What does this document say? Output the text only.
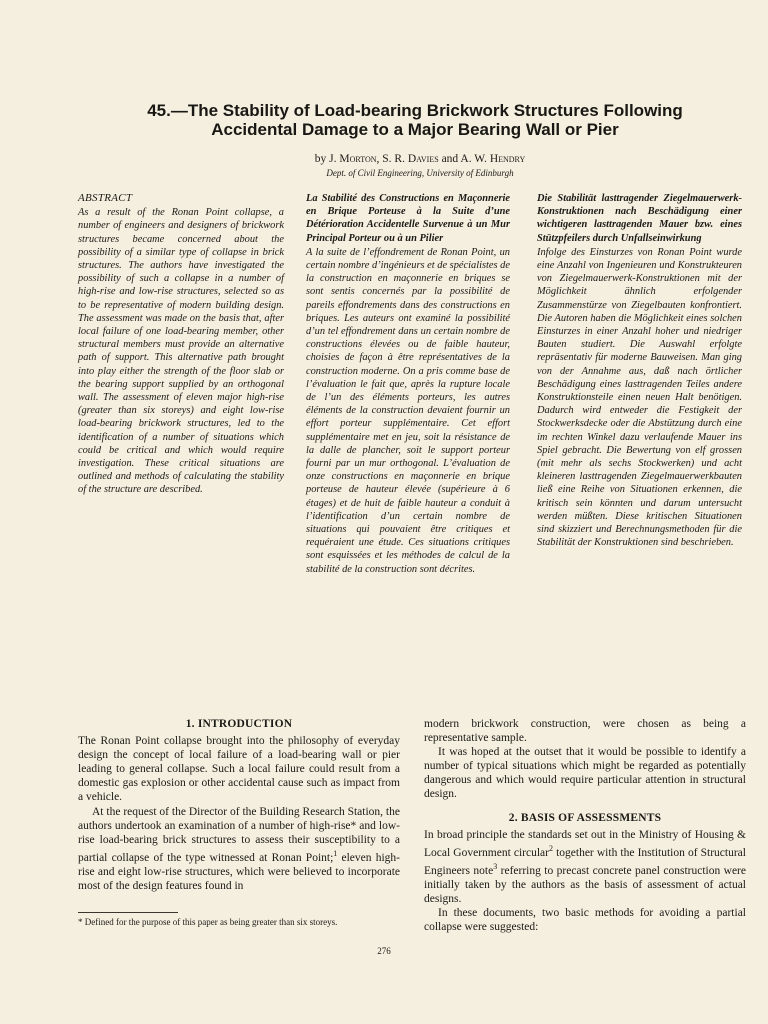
45.—The Stability of Load-bearing Brickwork Structures Following
Accidental Damage to a Major Bearing Wall or Pier
by J. Morton, S. R. Davies and A. W. Hendry
Dept. of Civil Engineering, University of Edinburgh

ABSTRACT

As a result of the Ronan Point collapse, a number of engineers and designers of brickwork structures became concerned about the possibility of a similar type of collapse in brick structures. The authors have investigated the possibility of such a collapse in a number of high-rise and low-rise structures, selected so as to be representative of modern building design. The assessment was made on the basis that, after local failure of one load-bearing member, other structural members must provide an alternative path of support. This alternative path brought into play either the strength of the floor slab or the bearing support supplied by an orthogonal wall. The assessment of eleven major high-rise (greater than six storeys) and eight low-rise load-bearing brickwork structures, led to the identification of a number of situations which could be critical and which would require investigation. These critical situations are outlined and methods of calculating the stability of the structure are described.

La Stabilité des Constructions en Maçonnerie en Brique Porteuse à la Suite d’une Détérioration Accidentelle Survenue à un Mur Principal Porteur ou à un Pilier

A la suite de l’effondrement de Ronan Point, un certain nombre d’ingénieurs et de spécialistes de la construction en maçonnerie en briques se sont sentis concernés par la possibilité de pareils effondrements dans des constructions en briques. Les auteurs ont examiné la possibilité d’un tel effondrement dans un certain nombre de constructions élevées ou de faible hauteur, choisies de façon à être représentatives de la construction moderne. On a pris comme base de l’évaluation le fait que, après la rupture locale de l’un des éléments porteurs, les autres éléments de la construction devaient fournir un effort porteur supplémentaire. Cet effort supplémentaire met en jeu, soit la résistance de la dalle de plancher, soit le support porteur fourni par un mur orthogonal. L’évaluation de onze constructions en maçonnerie en brique porteuse de hauteur élevée (supérieure à 6 étages) et de huit de faible hauteur a conduit à l’identification d’un certain nombre de situations qui pouvaient être critiques et requéraient une étude. Ces situations critiques sont esquissées et les méthodes de calcul de la stabilité de la construction sont décrites.

Die Stabilität lasttragender Ziegelmauerwerk-Konstruktionen nach Beschädigung einer wichtigeren lasttragenden Mauer bzw. eines Stützpfeilers durch Unfallseinwirkung

Infolge des Einsturzes von Ronan Point wurde eine Anzahl von Ingenieuren und Konstrukteuren von Ziegelmauerwerk-Konstruktionen mit der Möglichkeit ähnlich erfolgender Zusammenstürze von Ziegelbauten konfrontiert. Die Autoren haben die Möglichkeit eines solchen Einsturzes in einer Anzahl hoher und niedriger Bauten studiert. Die Auswahl erfolgte repräsentativ für moderne Bauweisen. Man ging von der Annahme aus, daß nach örtlicher Beschädigung eines lasttragenden Teiles andere Konstruktionsteile einen neuen Halt benötigen. Dadurch wird entweder die Festigkeit der Stockwerksdecke oder die Abstützung durch eine im rechten Winkel dazu verlaufende Mauer ins Spiel gebracht. Die Bewertung von elf grossen (mit mehr als sechs Stockwerken) und acht kleineren lasttragenden Ziegelmauerwerkbauten ließ eine Reihe von Situationen erkennen, die kritisch sein könnten und darum untersucht werden müßten. Diese kritischen Situationen sind skizziert und Berechnungsmethoden für die Stabilität der Konstruktionen sind beschrieben.

1. INTRODUCTION

The Ronan Point collapse brought into the philosophy of everyday design the concept of local failure of a load-bearing wall or pier leading to general collapse. Such a local failure could result from a domestic gas explosion or other accidental cause such as impact from a vehicle.

At the request of the Director of the Building Research Station, the authors undertook an examination of a number of high-rise* and low-rise load-bearing brick structures to assess their susceptibility to a partial collapse of the type witnessed at Ronan Point;$^1$ eleven high-rise and eight low-rise structures, which were believed to incorporate most of the design features found in

* Defined for the purpose of this paper as being greater than six storeys.

modern brickwork construction, were chosen as being a representative sample.

It was hoped at the outset that it would be possible to identify a number of typical situations which might be regarded as potentially dangerous and which would require particular attention in structural design.

2. BASIS OF ASSESSMENTS

In broad principle the standards set out in the Ministry of Housing & Local Government circular$^2$ together with the Institution of Structural Engineers note$^3$ referring to precast concrete panel construction were initially taken by the authors as the basis of assessment of actual designs.

In these documents, two basic methods for avoiding a partial collapse were suggested:

276
